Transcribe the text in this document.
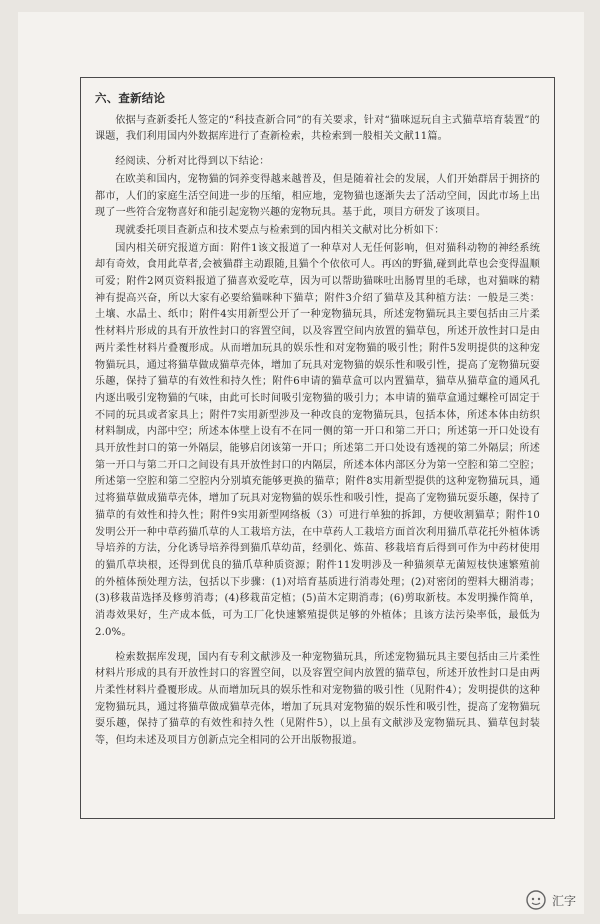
六、查新结论

依据与查新委托人签定的“科技查新合同”的有关要求，针对“猫咪逗玩自主式猫草培育装置”的课题，我们利用国内外数据库进行了查新检索，共检索到一般相关文献11篇。

经阅读、分析对比得到以下结论：

在欧美和国内，宠物猫的饲养变得越来越普及，但是随着社会的发展，人们开始群居于拥挤的都市，人们的家庭生活空间进一步的压缩，相应地，宠物猫也逐渐失去了活动空间，因此市场上出现了一些符合宠物喜好和能引起宠物兴趣的宠物玩具。基于此，项目方研发了该项目。

现就委托项目查新点和技术要点与检索到的国内相关文献对比分析如下：

国内相关研究报道方面：附件1该文报道了一种草对人无任何影响，但对猫科动物的神经系统却有奇效，食用此草者,会被猫群主动跟随,且猫个个依依可人。再凶的野猫,碰到此草也会变得温顺可爱；附件2网页资料报道了猫喜欢爱吃草，因为可以帮助猫咪吐出肠胃里的毛球，也对猫咪的精神有提高兴奋，所以大家有必要给猫咪种下猫草；附件3介绍了猫草及其种植方法：一般是三类：土壤、水晶土、纸巾；附件4实用新型公开了一种宠物猫玩具，所述宠物猫玩具主要包括由三片柔性材料片形成的具有开放性封口的容置空间，以及容置空间内放置的猫草包，所述开放性封口是由两片柔性材料片叠覆形成。从而增加玩具的娱乐性和对宠物猫的吸引性；附件5发明提供的这种宠物猫玩具，通过将猫草做成猫草壳体，增加了玩具对宠物猫的娱乐性和吸引性，提高了宠物猫玩耍乐趣，保持了猫草的有效性和持久性；附件6申请的猫草盒可以内置猫草，猫草从猫草盒的通风孔内逐出吸引宠物猫的气味，由此可长时间吸引宠物猫的吸引力；本申请的猫草盒通过螺栓可固定于不同的玩具或者家具上；附件7实用新型涉及一种改良的宠物猫玩具，包括本体，所述本体由纺织材料制成，内部中空；所述本体壁上设有不在同一侧的第一开口和第二开口；所述第一开口处设有具开放性封口的第一外隔层，能够启闭该第一开口；所述第二开口处设有透视的第二外隔层；所述第一开口与第二开口之间设有具开放性封口的内隔层，所述本体内部区分为第一空腔和第二空腔；所述第一空腔和第二空腔内分别填充能够更换的猫草；附件8实用新型提供的这种宠物猫玩具，通过将猫草做成猫草壳体，增加了玩具对宠物猫的娱乐性和吸引性，提高了宠物猫玩耍乐趣，保持了猫草的有效性和持久性；附件9实用新型网络板（3）可进行单独的拆卸，方便收割猫草；附件10发明公开一种中草药猫爪草的人工栽培方法，在中草药人工栽培方面首次利用猫爪草花托外植体诱导培养的方法，分化诱导培养得到猫爪草幼苗，经驯化、炼苗、移栽培育后得到可作为中药材使用的猫爪草块根，还得到优良的猫爪草种质资源；附件11发明涉及一种猫须草无菌短枝快速繁殖前的外植体预处理方法，包括以下步骤：(1)对培育基质进行消毒处理；(2)对密闭的塑料大棚消毒；(3)移栽苗选择及修剪消毒；(4)移栽苗定植；(5)苗木定期消毒；(6)剪取新枝。本发明操作简单，消毒效果好，生产成本低，可为工厂化快速繁殖提供足够的外植体；且该方法污染率低，最低为2.0%。

检索数据库发现，国内有专利文献涉及一种宠物猫玩具，所述宠物猫玩具主要包括由三片柔性材料片形成的具有开放性封口的容置空间，以及容置空间内放置的猫草包，所述开放性封口是由两片柔性材料片叠覆形成。从而增加玩具的娱乐性和对宠物猫的吸引性（见附件4）；发明提供的这种宠物猫玩具，通过将猫草做成猫草壳体，增加了玩具对宠物猫的娱乐性和吸引性，提高了宠物猫玩耍乐趣，保持了猫草的有效性和持久性（见附件5），以上虽有文献涉及宠物猫玩具、猫草包封装等，但均未述及项目方创新点完全相同的公开出版物报道。

汇字
